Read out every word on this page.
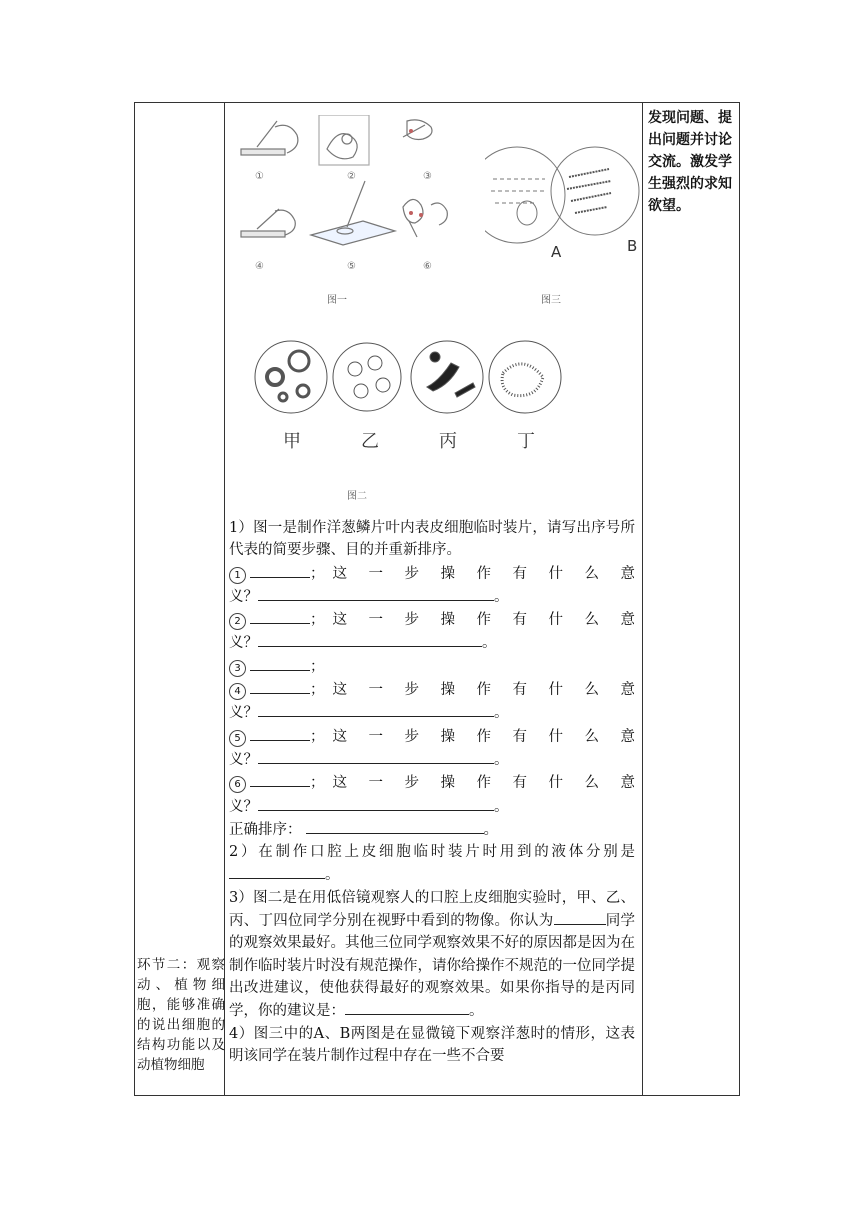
环节二：观察动、植物细胞，能够准确的说出细胞的结构功能以及动植物细胞
发现问题、提出问题并讨论交流。激发学生强烈的求知欲望。
①	②	③
④	⑤	⑥
图一
A	B
图三
甲	乙	丙	丁
图二

1）图一是制作洋葱鳞片叶内表皮细胞临时装片，请写出序号所代表的简要步骤、目的并重新排序。

1	； 这 一 步 操 作 有 什 么 意
义？	。
2	； 这 一 步 操 作 有 什 么 意
义？	。
3	；
4	； 这 一 步 操 作 有 什 么 意
义？	。
5	； 这 一 步 操 作 有 什 么 意
义？	。
6	； 这 一 步 操 作 有 什 么 意
义？	。
正确排序：	。

2）在制作口腔上皮细胞临时装片时用到的液体分别是。

3）图二是在用低倍镜观察人的口腔上皮细胞实验时，甲、乙、丙、丁四位同学分别在视野中看到的物像。你认为	同学的观察效果最好。其他三位同学观察效果不好的原因都是因为在制作临时装片时没有规范操作，请你给操作不规范的一位同学提出改进建议，使他获得最好的观察效果。如果你指导的是丙同学，你的建议是：	。

4）图三中的A、B两图是在显微镜下观察洋葱时的情形，这表明该同学在装片制作过程中存在一些不合要
